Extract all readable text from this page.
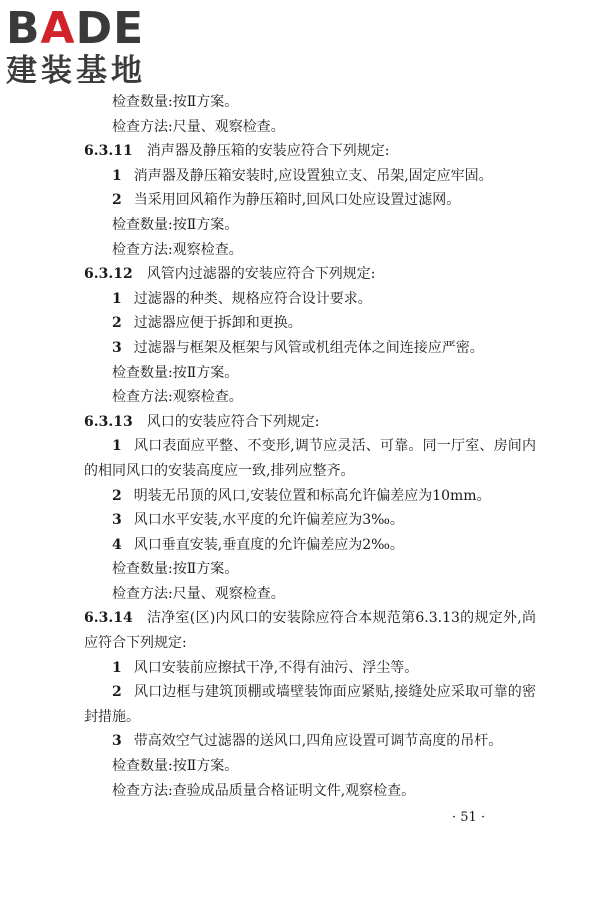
BADE
建装基地
检查数量:按Ⅱ方案。
检查方法:尺量、观察检查。
6.3.11 消声器及静压箱的安装应符合下列规定:
1 消声器及静压箱安装时,应设置独立支、吊架,固定应牢固。
2 当采用回风箱作为静压箱时,回风口处应设置过滤网。
检查数量:按Ⅱ方案。
检查方法:观察检查。
6.3.12 风管内过滤器的安装应符合下列规定:
1 过滤器的种类、规格应符合设计要求。
2 过滤器应便于拆卸和更换。
3 过滤器与框架及框架与风管或机组壳体之间连接应严密。
检查数量:按Ⅱ方案。
检查方法:观察检查。
6.3.13 风口的安装应符合下列规定:
1 风口表面应平整、不变形,调节应灵活、可靠。同一厅室、房间内的相同风口的安装高度应一致,排列应整齐。
2 明装无吊顶的风口,安装位置和标高允许偏差应为10mm。
3 风口水平安装,水平度的允许偏差应为3‰。
4 风口垂直安装,垂直度的允许偏差应为2‰。
检查数量:按Ⅱ方案。
检查方法:尺量、观察检查。
6.3.14 洁净室(区)内风口的安装除应符合本规范第6.3.13的规定外,尚应符合下列规定:
1 风口安装前应擦拭干净,不得有油污、浮尘等。
2 风口边框与建筑顶棚或墙壁装饰面应紧贴,接缝处应采取可靠的密封措施。
3 带高效空气过滤器的送风口,四角应设置可调节高度的吊杆。
检查数量:按Ⅱ方案。
检查方法:查验成品质量合格证明文件,观察检查。
· 51 ·
